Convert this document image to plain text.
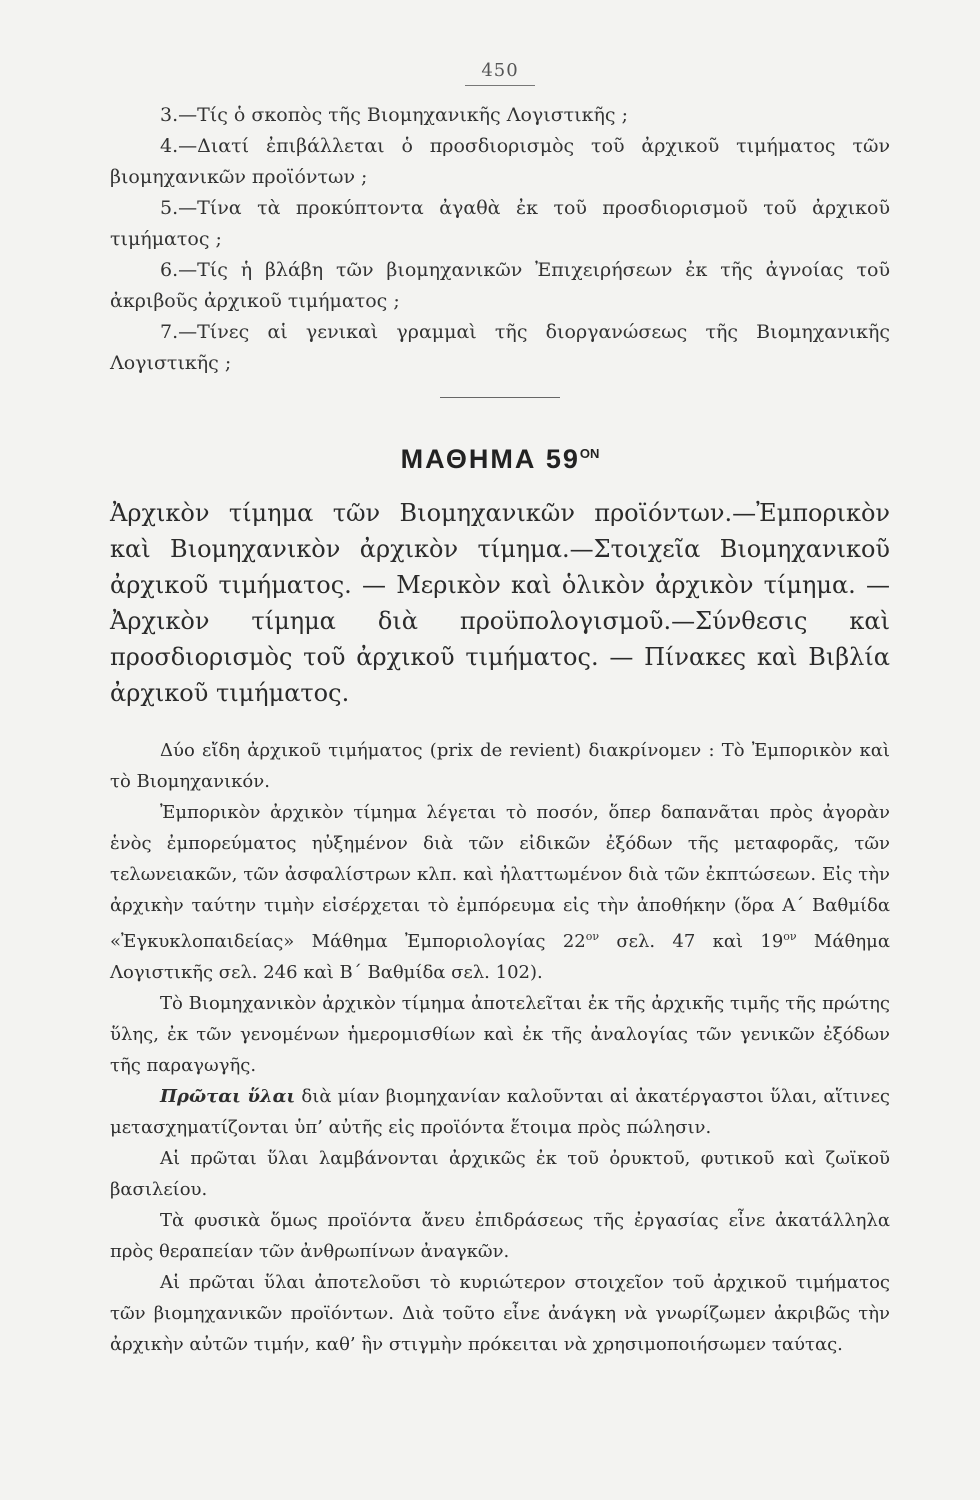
450

3.—Τίς ὁ σκοπὸς τῆς Βιομηχανικῆς Λογιστικῆς ;

4.—Διατί ἐπιβάλλεται ὁ προσδιορισμὸς τοῦ ἀρχικοῦ τιμήματος τῶν βιομηχανικῶν προϊόντων ;

5.—Τίνα τὰ προκύπτοντα ἀγαθὰ ἐκ τοῦ προσδιορισμοῦ τοῦ ἀρχικοῦ τιμήματος ;

6.—Τίς ἡ βλάβη τῶν βιομηχανικῶν Ἐπιχειρήσεων ἐκ τῆς ἀγνοίας τοῦ ἀκριβοῦς ἀρχικοῦ τιμήματος ;

7.—Τίνες αἱ γενικαὶ γραμμαὶ τῆς διοργανώσεως τῆς Βιομηχανικῆς Λογιστικῆς ;

ΜΑΘΗΜΑ $59^{ON}$

Ἀρχικὸν τίμημα τῶν Βιομηχανικῶν προϊόντων.—Ἐμπορικὸν καὶ Βιομηχανικὸν ἀρχικὸν τίμημα.—Στοιχεῖα Βιομηχανικοῦ ἀρχικοῦ τιμήματος. — Μερικὸν καὶ ὁλικὸν ἀρχικὸν τίμημα. — Ἀρχικὸν τίμημα διὰ προϋπολογισμοῦ.—Σύνθεσις καὶ προσδιορισμὸς τοῦ ἀρχικοῦ τιμήματος. — Πίνακες καὶ Βιβλία ἀρχικοῦ τιμήματος.

Δύο εἴδη ἀρχικοῦ τιμήματος (prix de revient) διακρίνομεν : Τὸ Ἐμπορικὸν καὶ τὸ Βιομηχανικόν.

Ἐμπορικὸν ἀρχικὸν τίμημα λέγεται τὸ ποσόν, ὅπερ δαπανᾶται πρὸς ἀγορὰν ἑνὸς ἐμπορεύματος ηὐξημένον διὰ τῶν εἰδικῶν ἐξόδων τῆς μεταφορᾶς, τῶν τελωνειακῶν, τῶν ἀσφαλίστρων κλπ. καὶ ἠλαττωμένον διὰ τῶν ἐκπτώσεων. Εἰς τὴν ἀρχικὴν ταύτην τιμὴν εἰσέρχεται τὸ ἐμπόρευμα εἰς τὴν ἀποθήκην (ὅρα Α΄ Βαθμίδα «Ἐγκυκλοπαιδείας» Μάθημα Ἐμποριολογίας $22^{o\nu}$ σελ. 47 καὶ $19^{o\nu}$ Μάθημα Λογιστικῆς σελ. 246 καὶ Β΄ Βαθμίδα σελ. 102).

Τὸ Βιομηχανικὸν ἀρχικὸν τίμημα ἀποτελεῖται ἐκ τῆς ἀρχικῆς τιμῆς τῆς πρώτης ὕλης, ἐκ τῶν γενομένων ἡμερομισθίων καὶ ἐκ τῆς ἀναλογίας τῶν γενικῶν ἐξόδων τῆς παραγωγῆς.

Πρῶται ὕλαι διὰ μίαν βιομηχανίαν καλοῦνται αἱ ἀκατέργαστοι ὕλαι, αἵτινες μετασχηματίζονται ὑπ’ αὐτῆς εἰς προϊόντα ἕτοιμα πρὸς πώλησιν.

Αἱ πρῶται ὕλαι λαμβάνονται ἀρχικῶς ἐκ τοῦ ὀρυκτοῦ, φυτικοῦ καὶ ζωϊκοῦ βασιλείου.

Τὰ φυσικὰ ὅμως προϊόντα ἄνευ ἐπιδράσεως τῆς ἐργασίας εἶνε ἀκατάλληλα πρὸς θεραπείαν τῶν ἀνθρωπίνων ἀναγκῶν.

Αἱ πρῶται ὕλαι ἀποτελοῦσι τὸ κυριώτερον στοιχεῖον τοῦ ἀρχικοῦ τιμήματος τῶν βιομηχανικῶν προϊόντων. Διὰ τοῦτο εἶνε ἀνάγκη νὰ γνωρίζωμεν ἀκριβῶς τὴν ἀρχικὴν αὐτῶν τιμήν, καθ’ ἣν στιγμὴν πρόκειται νὰ χρησιμοποιήσωμεν ταύτας.
